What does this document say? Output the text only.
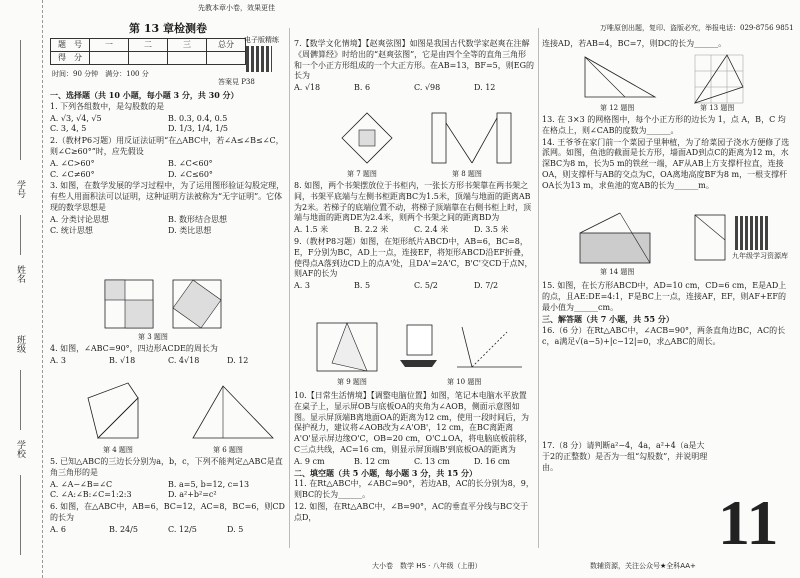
学号
姓名
班级
学校
先教本章小卷，效果更佳
第 13 章检测卷
题　号	一	二	三	总分
得　分				
电子版精练
时间：90 分钟　满分：100 分
答案見 P38
一、选择题（共 10 小题，每小题 3 分，共 30 分）
1. 下列各组数中，是勾股数的是
A. √3, √4, √5	B. 0.3, 0.4, 0.5
C. 3, 4, 5	D. 1/3, 1/4, 1/5
2.（教材P6习题）用反证法证明“在△ABC中，若∠A≤∠B≤∠C，则∠C≥60°”时，应先假设
A. ∠C>60°	B. ∠C<60°
C. ∠C≠60°	D. ∠C≤60°
3. 如图，在数学发展的学习过程中，为了运用图形验证勾股定理，有些人用面积法可以证明，这种证明方法被称为“无字证明”。它体现的数学思想是
A. 分类讨论思想	B. 数形结合思想
C. 统计思想	D. 类比思想
第 3 题图
4. 如图，∠ABC=90°，四边形ACDE的周长为
A. 3	B. √18	C. 4√18	D. 12
第 4 题图	第 6 题图
5. 已知△ABC的三边长分别为a，b，c，下列不能判定△ABC是直角三角形的是
A. ∠A−∠B=∠C	B. a=5, b=12, c=13
C. ∠A:∠B:∠C=1:2:3	D. a²+b²=c²
6. 如图，在△ABC中，AB=6，BC=12，AC=8，BC=6，则CD的长为
A. 6	B. 24/5	C. 12/5	D. 5
7.【数学文化情境】【赵爽弦图】如图是我国古代数学家赵爽在注解《周髀算经》时给出的“赵爽弦图”，它是由四个全等的直角三角形和一个小正方形组成的一个大正方形。在AB=13，BF=5，则EG的长为
A. √18	B. 6	C. √98	D. 12
第 7 题图	第 8 题图
8. 如图，两个书架摆放位于书柜内，一张长方形书架靠在两书架之间，书架平底端与左侧书柜距离BC为1.5米，顶端与地面的距离AB为2米。若梯子的底端位置不动，将梯子顶端靠在右侧书柜上时，顶端与地面的距离DE为2.4米，则两个书架之间的距离BD为
A. 1.5 米	B. 2.2 米	C. 2.4 米	D. 3.5 米
9.（教材P8习题）如图，在矩形纸片ABCD中，AB=6，BC=8，E，F分别为BC，AD上一点，连接EF，将矩形ABCD沿EF折叠，使得点A落到边CD上的点A'处，且DA'=2A'C，B'C'交CD于点N，则AF的长为
A. 3	B. 5	C. 5/2	D. 7/2
第 9 题图	第 10 题图
10.【日常生活情境】【调整电脑位置】如图，笔记本电脑水平放置在桌子上，显示屏OB与底板OA的夹角为∠AOB，侧面示意图如图。显示屏顶端B离地面OA的距离为12 cm，使用一段时间后，为保护视力，建议将∠AOB改为∠A'OB'，12 cm，在BC离距离A'O'显示屏边缘O'C，OB=20 cm，O'C⊥OA，将电脑底板前移，C三点共线，AC=16 cm，则显示屏顶端B'到底板OA的距离为
A. 9 cm	B. 12 cm	C. 13 cm	D. 16 cm
二、填空题（共 5 小题，每小题 3 分，共 15 分）
11. 在Rt△ABC中，∠ABC=90°，若边AB，AC的长分别为8，9，则BC的长为______。
12. 如图，在Rt△ABC中，∠B=90°，AC的垂直平分线与BC交于点D，
大小卷　数学 HS · 八年级（上册）
万唯原创出题，复印、盗版必究，举报电话：029-8756 9851
连接AD，若AB=4，BC=7，则DC的长为______。
第 12 题图	第 13 题图
13. 在 3×3 的网格图中，每个小正方形的边长为 1，点 A，B，C 均在格点上，则∠CAB的度数为______。
14. 王爷爷在家门前一个菜园子里种植，为了给菜园子浇水方便修了选派网。如图，鱼池的截面是长方形，墙面AD到点C的距离为12 m，水深BC为8 m，长为5 m的铁丝一端，AF从AB上方支撑杆拉直，连接OA，则支撑杆与AB的交点为C，OA离地高度BF为8 m，一根支撑杆OA长为13 m，求鱼池的宽AB的长为______m。
九年级学习资源库
第 14 题图
15. 如图，在长方形ABCD中，AD=10 cm，CD=6 cm，E是AD上的点，且AE:DE=4:1，F是BC上一点，连接AF，EF，则AF+EF的最小值为______cm。
三、解答题（共 7 小题，共 55 分）
16.（6 分）在Rt△ABC中，∠ACB=90°，两条直角边BC，AC的长c，a满足√(a−5)+|c−12|=0，求△ABC的周长。
17.（8 分）请判断a²−4，4a，a²+4（a是大于2的正整数）是否为一组“勾股数”，并说明理由。
11
数辅资源，关注公众号★全科AA+
